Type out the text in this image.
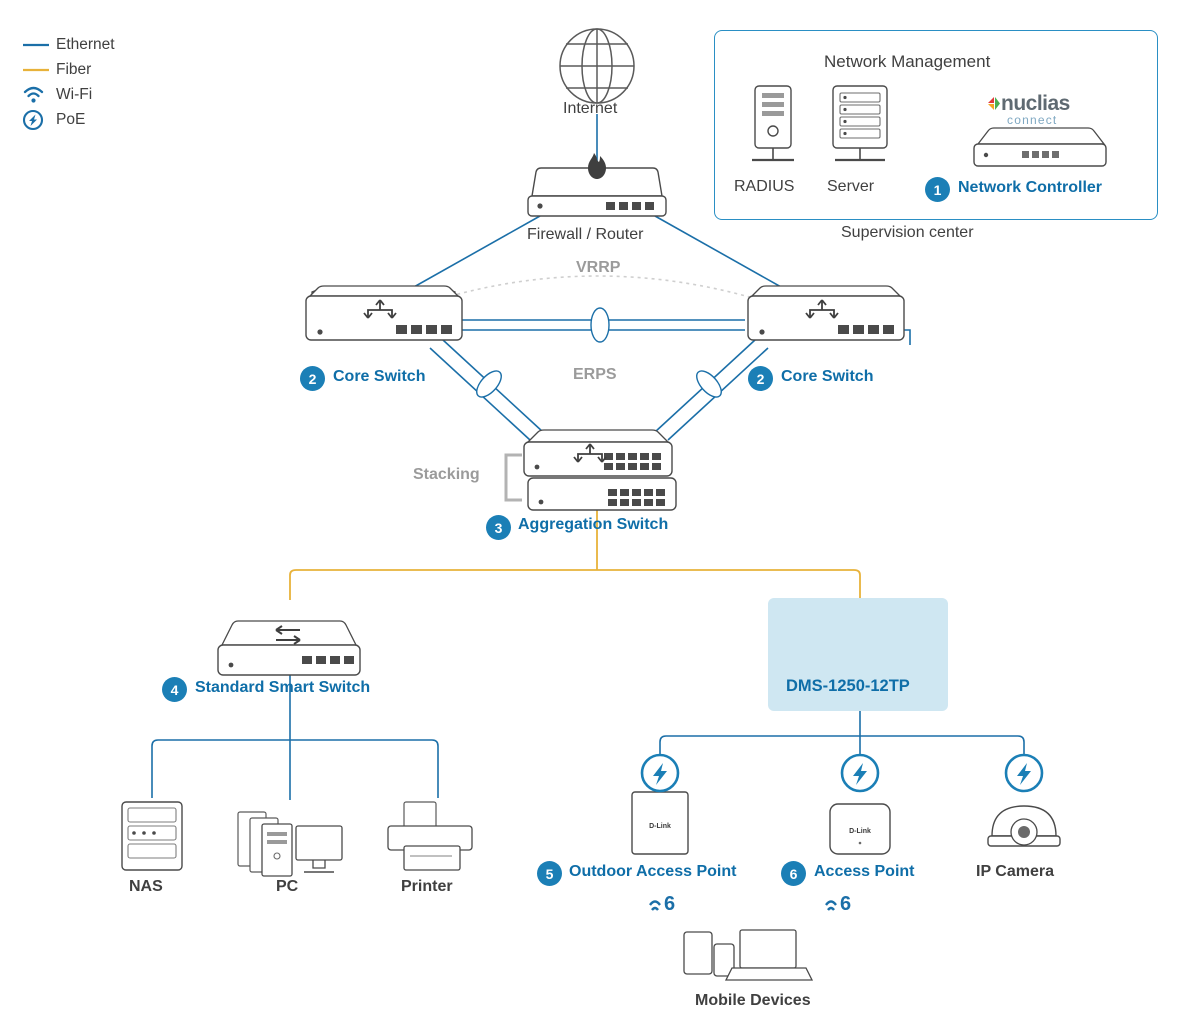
D-Link
D-Link
Ethernet
Fiber
Wi-Fi
PoE
Network Management
nuclias
connect
RADIUS Server	1 Network Controller
Supervision center
Internet
Firewall / Router
2 Core Switch	2 Core Switch
VRRP
ERPS
Stacking
3 Aggregation Switch
4 Standard Smart Switch	DMS-1250-12TP
NAS	PC	Printer
5 Outdoor Access Point	6 Access Point	IP Camera
6	6
Mobile Devices
